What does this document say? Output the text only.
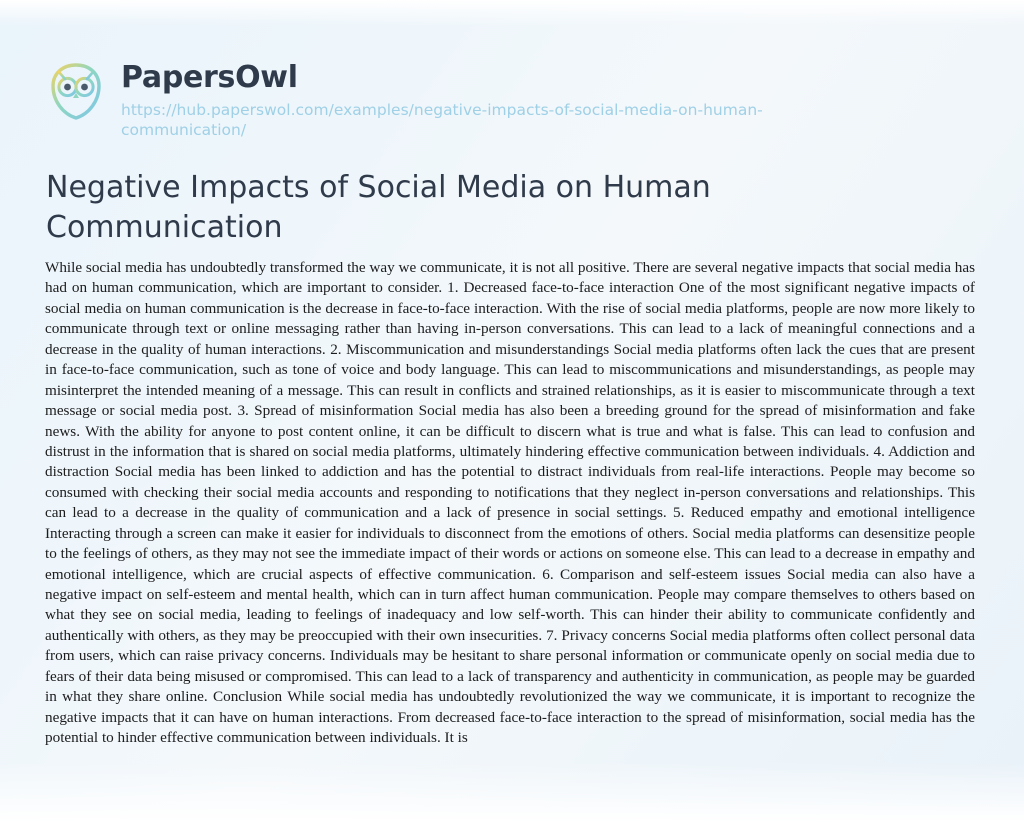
PapersOwl
https://hub.paperswol.com/examples/negative-impacts-of-social-media-on-human-communication/
Negative Impacts of Social Media on Human Communication

While social media has undoubtedly transformed the way we communicate, it is not all positive. There are several negative impacts that social media has had on human communication, which are important to consider. 1. Decreased face-to-face interaction One of the most significant negative impacts of social media on human communication is the decrease in face-to-face interaction. With the rise of social media platforms, people are now more likely to communicate through text or online messaging rather than having in-person conversations. This can lead to a lack of meaningful connections and a decrease in the quality of human interactions. 2. Miscommunication and misunderstandings Social media platforms often lack the cues that are present in face-to-face communication, such as tone of voice and body language. This can lead to miscommunications and misunderstandings, as people may misinterpret the intended meaning of a message. This can result in conflicts and strained relationships, as it is easier to miscommunicate through a text message or social media post. 3. Spread of misinformation Social media has also been a breeding ground for the spread of misinformation and fake news. With the ability for anyone to post content online, it can be difficult to discern what is true and what is false. This can lead to confusion and distrust in the information that is shared on social media platforms, ultimately hindering effective communication between individuals. 4. Addiction and distraction Social media has been linked to addiction and has the potential to distract individuals from real-life interactions. People may become so consumed with checking their social media accounts and responding to notifications that they neglect in-person conversations and relationships. This can lead to a decrease in the quality of communication and a lack of presence in social settings. 5. Reduced empathy and emotional intelligence Interacting through a screen can make it easier for individuals to disconnect from the emotions of others. Social media platforms can desensitize people to the feelings of others, as they may not see the immediate impact of their words or actions on someone else. This can lead to a decrease in empathy and emotional intelligence, which are crucial aspects of effective communication. 6. Comparison and self-esteem issues Social media can also have a negative impact on self-esteem and mental health, which can in turn affect human communication. People may compare themselves to others based on what they see on social media, leading to feelings of inadequacy and low self-worth. This can hinder their ability to communicate confidently and authentically with others, as they may be preoccupied with their own insecurities. 7. Privacy concerns Social media platforms often collect personal data from users, which can raise privacy concerns. Individuals may be hesitant to share personal information or communicate openly on social media due to fears of their data being misused or compromised. This can lead to a lack of transparency and authenticity in communication, as people may be guarded in what they share online. Conclusion While social media has undoubtedly revolutionized the way we communicate, it is important to recognize the negative impacts that it can have on human interactions. From decreased face-to-face interaction to the spread of misinformation, social media has the potential to hinder effective communication between individuals. It is
